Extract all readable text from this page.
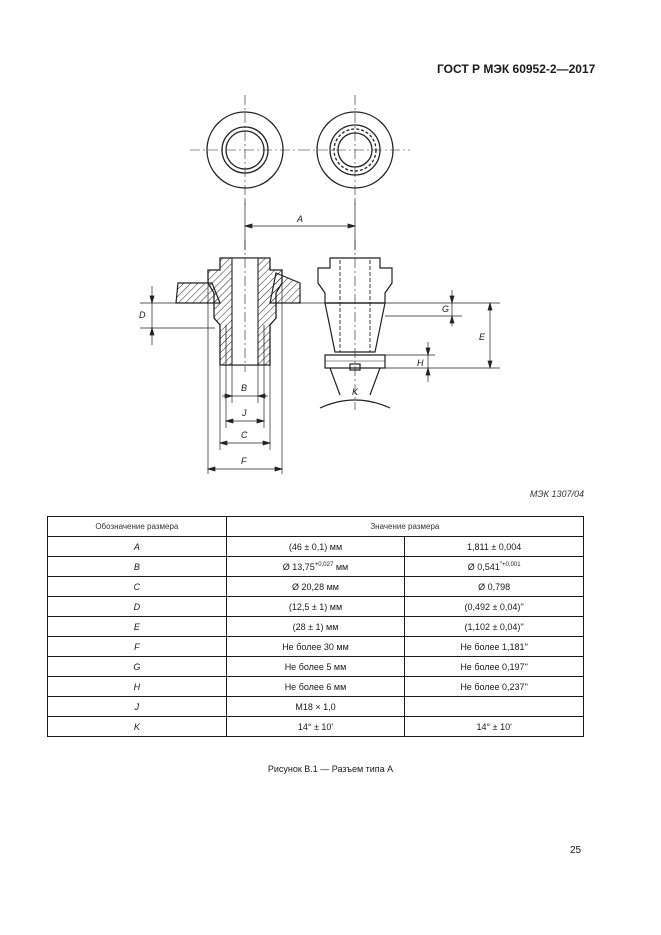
ГОСТ Р МЭК 60952-2—2017
A
D
B
J
C
F
G
E
H
K
МЭК 1307/04
Обозначение размера	Значение размера	
A	(46 ± 0,1) мм	1,811 ± 0,004
B	Ø $13,75^{+0,027}$ мм	Ø $0,541^{''+0,001}$
C	Ø 20,28 мм	Ø 0,798
D	(12,5 ± 1) мм	(0,492 ± 0,04)''
E	(28 ± 1) мм	(1,102 ± 0,04)''
F	Не более 30 мм	Не более 1,181''
G	Не более 5 мм	Не более 0,197''
H	Не более 6 мм	Не более 0,237''
J	M18 × 1,0	
K	14° ± 10'	14° ± 10'
Рисунок В.1 — Разъем типа А
25
